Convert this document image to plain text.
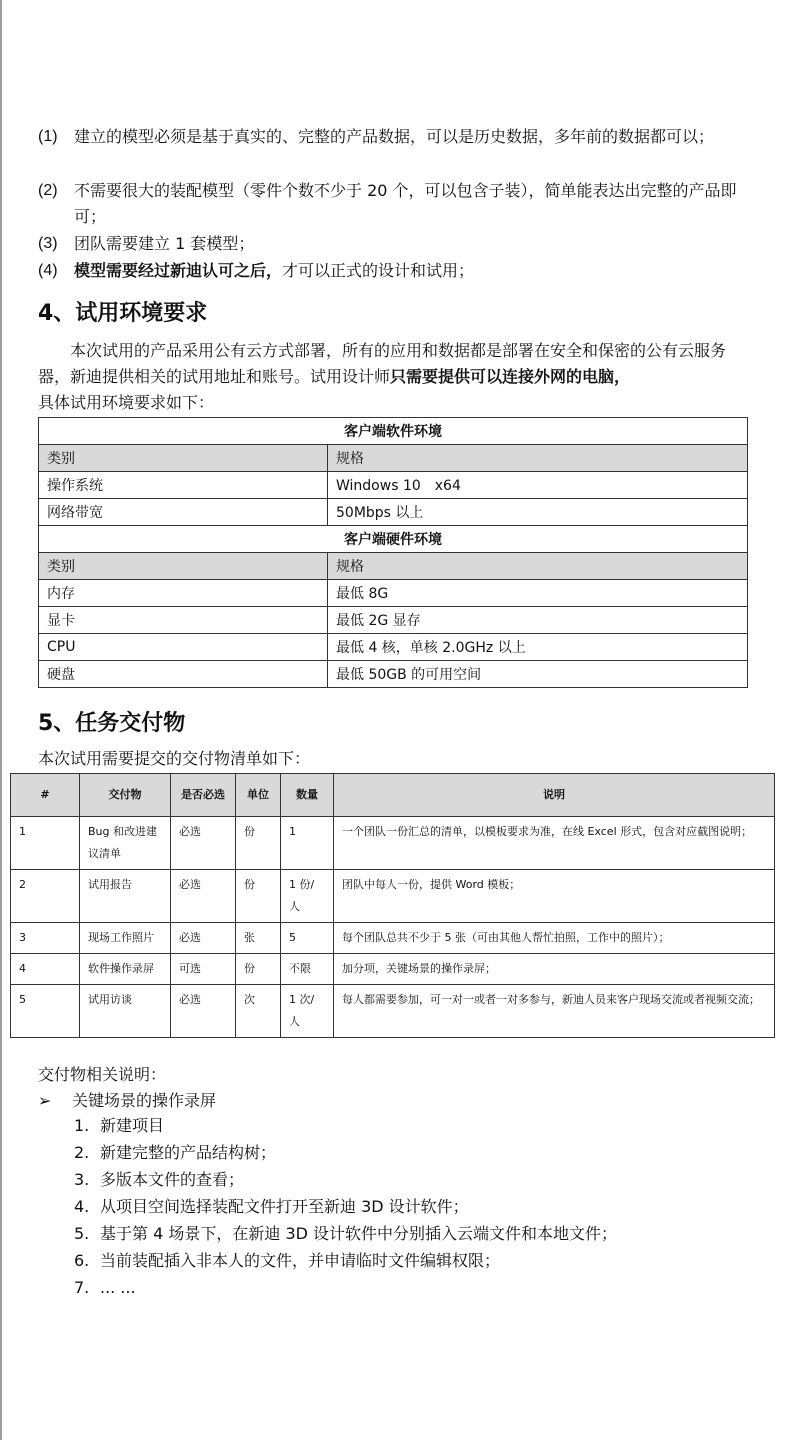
(1) 建立的模型必须是基于真实的、完整的产品数据，可以是历史数据，多年前的数据都可以；
(2) 不需要很大的装配模型（零件个数不少于 20 个，可以包含子装），简单能表达出完整的产品即可；
(3) 团队需要建立 1 套模型；
(4) 模型需要经过新迪认可之后，才可以正式的设计和试用；
4、试用环境要求
本次试用的产品采用公有云方式部署，所有的应用和数据都是部署在安全和保密的公有云服务器，新迪提供相关的试用地址和账号。试用设计师只需要提供可以连接外网的电脑，
具体试用环境要求如下：
客户端软件环境	
类别	规格
操作系统	Windows 10　x64
网络带宽	50Mbps 以上
客户端硬件环境	
类别	规格
内存	最低 8G
显卡	最低 2G 显存
CPU	最低 4 核，单核 2.0GHz 以上
硬盘	最低 50GB 的可用空间
5、任务交付物
本次试用需要提交的交付物清单如下：
#	交付物	是否必选	单位	数量	说明
1	Bug 和改进建议清单	必选	份	1	一个团队一份汇总的清单，以模板要求为准，在线 Excel 形式，包含对应截图说明；
2	试用报告	必选	份	1 份/人	团队中每人一份，提供 Word 模板；
3	现场工作照片	必选	张	5	每个团队总共不少于 5 张（可由其他人帮忙拍照，工作中的照片）；
4	软件操作录屏	可选	份	不限	加分项，关键场景的操作录屏；
5	试用访谈	必选	次	1 次/人	每人都需要参加，可一对一或者一对多参与，新迪人员来客户现场交流或者视频交流；
交付物相关说明：
➢ 关键场景的操作录屏
1. 新建项目
2. 新建完整的产品结构树；
3. 多版本文件的查看；
4. 从项目空间选择装配文件打开至新迪 3D 设计软件；
5. 基于第 4 场景下，在新迪 3D 设计软件中分别插入云端文件和本地文件；
6. 当前装配插入非本人的文件，并申请临时文件编辑权限；
7. ... ...
